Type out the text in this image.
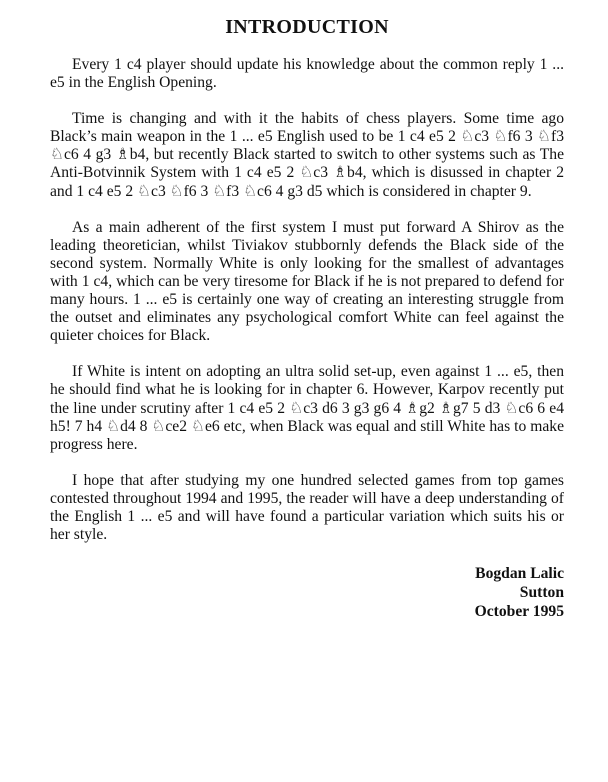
INTRODUCTION

Every 1 c4 player should update his knowledge about the common reply 1 ... e5 in the English Opening.

Time is changing and with it the habits of chess players. Some time ago Black’s main weapon in the 1 ... e5 English used to be 1 c4 e5 2 ♘c3 ♘f6 3 ♘f3 ♘c6 4 g3 ♗b4, but recently Black started to switch to other systems such as The Anti-Botvinnik System with 1 c4 e5 2 ♘c3 ♗b4, which is disussed in chapter 2 and 1 c4 e5 2 ♘c3 ♘f6 3 ♘f3 ♘c6 4 g3 d5 which is considered in chapter 9.

As a main adherent of the first system I must put forward A Shirov as the leading theoretician, whilst Tiviakov stubbornly defends the Black side of the second system. Normally White is only looking for the smallest of advantages with 1 c4, which can be very tiresome for Black if he is not prepared to defend for many hours. 1 ... e5 is certainly one way of creating an interesting struggle from the outset and eliminates any psychological comfort White can feel against the quieter choices for Black.

If White is intent on adopting an ultra solid set-up, even against 1 ... e5, then he should find what he is looking for in chapter 6. However, Karpov recently put the line under scrutiny after 1 c4 e5 2 ♘c3 d6 3 g3 g6 4 ♗g2 ♗g7 5 d3 ♘c6 6 e4 h5! 7 h4 ♘d4 8 ♘ce2 ♘e6 etc, when Black was equal and still White has to make progress here.

I hope that after studying my one hundred selected games from top games contested throughout 1994 and 1995, the reader will have a deep understanding of the English 1 ... e5 and will have found a particular variation which suits his or her style.

Bogdan Lalic
Sutton
October 1995
